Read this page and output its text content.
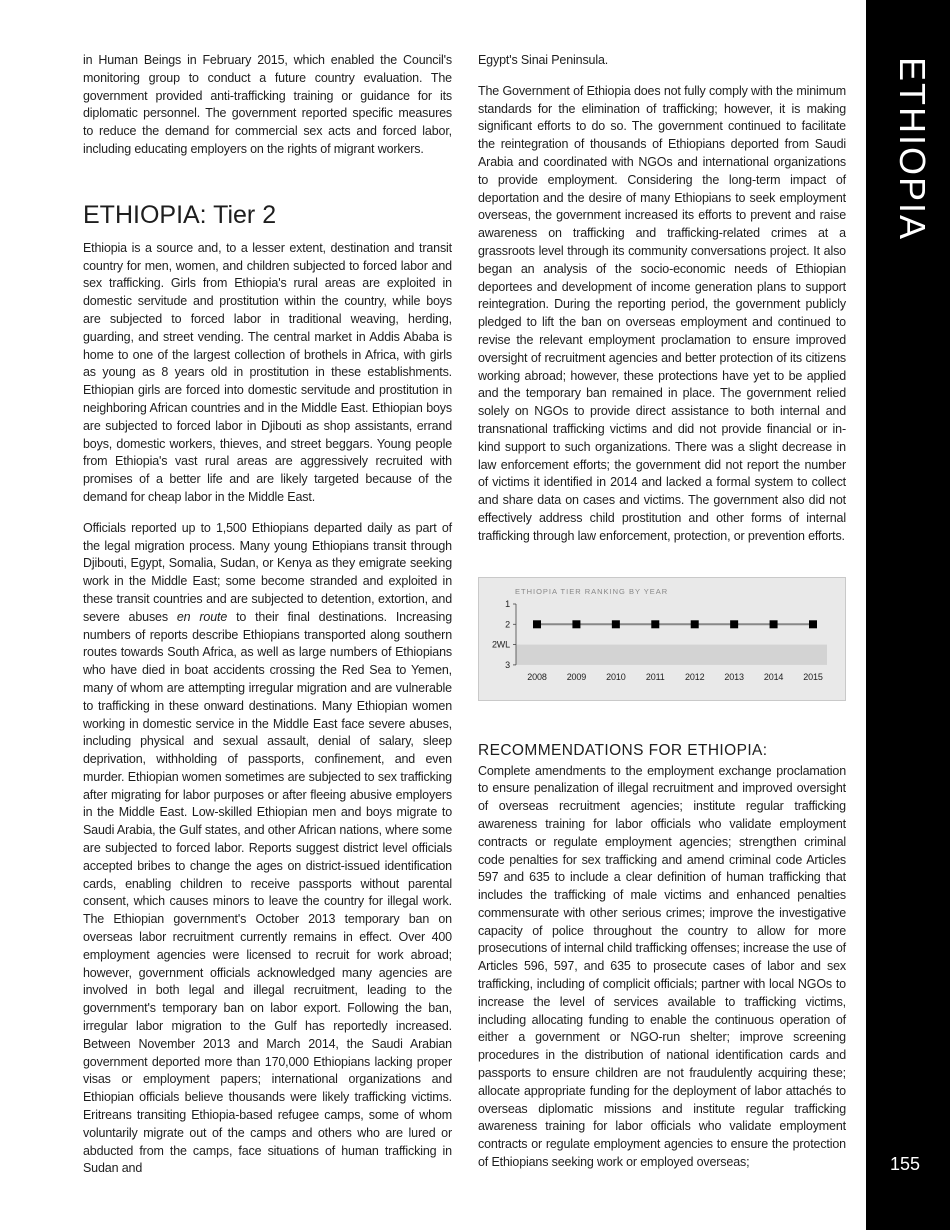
in Human Beings in February 2015, which enabled the Council's monitoring group to conduct a future country evaluation. The government provided anti-trafficking training or guidance for its diplomatic personnel. The government reported specific measures to reduce the demand for commercial sex acts and forced labor, including educating employers on the rights of migrant workers.

ETHIOPIA: Tier 2

Ethiopia is a source and, to a lesser extent, destination and transit country for men, women, and children subjected to forced labor and sex trafficking. Girls from Ethiopia's rural areas are exploited in domestic servitude and prostitution within the country, while boys are subjected to forced labor in traditional weaving, herding, guarding, and street vending. The central market in Addis Ababa is home to one of the largest collection of brothels in Africa, with girls as young as 8 years old in prostitution in these establishments. Ethiopian girls are forced into domestic servitude and prostitution in neighboring African countries and in the Middle East. Ethiopian boys are subjected to forced labor in Djibouti as shop assistants, errand boys, domestic workers, thieves, and street beggars. Young people from Ethiopia's vast rural areas are aggressively recruited with promises of a better life and are likely targeted because of the demand for cheap labor in the Middle East.

Officials reported up to 1,500 Ethiopians departed daily as part of the legal migration process. Many young Ethiopians transit through Djibouti, Egypt, Somalia, Sudan, or Kenya as they emigrate seeking work in the Middle East; some become stranded and exploited in these transit countries and are subjected to detention, extortion, and severe abuses en route to their final destinations. Increasing numbers of reports describe Ethiopians transported along southern routes towards South Africa, as well as large numbers of Ethiopians who have died in boat accidents crossing the Red Sea to Yemen, many of whom are attempting irregular migration and are vulnerable to trafficking in these onward destinations. Many Ethiopian women working in domestic service in the Middle East face severe abuses, including physical and sexual assault, denial of salary, sleep deprivation, withholding of passports, confinement, and even murder. Ethiopian women sometimes are subjected to sex trafficking after migrating for labor purposes or after fleeing abusive employers in the Middle East. Low-skilled Ethiopian men and boys migrate to Saudi Arabia, the Gulf states, and other African nations, where some are subjected to forced labor. Reports suggest district level officials accepted bribes to change the ages on district-issued identification cards, enabling children to receive passports without parental consent, which causes minors to leave the country for illegal work. The Ethiopian government's October 2013 temporary ban on overseas labor recruitment currently remains in effect. Over 400 employment agencies were licensed to recruit for work abroad; however, government officials acknowledged many agencies are involved in both legal and illegal recruitment, leading to the government's temporary ban on labor export. Following the ban, irregular labor migration to the Gulf has reportedly increased. Between November 2013 and March 2014, the Saudi Arabian government deported more than 170,000 Ethiopians lacking proper visas or employment papers; international organizations and Ethiopian officials believe thousands were likely trafficking victims. Eritreans transiting Ethiopia-based refugee camps, some of whom voluntarily migrate out of the camps and others who are lured or abducted from the camps, face situations of human trafficking in Sudan and

Egypt's Sinai Peninsula.

The Government of Ethiopia does not fully comply with the minimum standards for the elimination of trafficking; however, it is making significant efforts to do so. The government continued to facilitate the reintegration of thousands of Ethiopians deported from Saudi Arabia and coordinated with NGOs and international organizations to provide employment. Considering the long-term impact of deportation and the desire of many Ethiopians to seek employment overseas, the government increased its efforts to prevent and raise awareness on trafficking and trafficking-related crimes at a grassroots level through its community conversations project. It also began an analysis of the socio-economic needs of Ethiopian deportees and development of income generation plans to support reintegration. During the reporting period, the government publicly pledged to lift the ban on overseas employment and continued to revise the relevant employment proclamation to ensure improved oversight of recruitment agencies and better protection of its citizens working abroad; however, these protections have yet to be applied and the temporary ban remained in place. The government relied solely on NGOs to provide direct assistance to both internal and transnational trafficking victims and did not provide financial or in-kind support to such organizations. There was a slight decrease in law enforcement efforts; the government did not report the number of victims it identified in 2014 and lacked a formal system to collect and share data on cases and victims. The government also did not effectively address child prostitution and other forms of internal trafficking through law enforcement, protection, or prevention efforts.

ETHIOPIA TIER RANKING BY YEAR
1
2
2WL
3
2008 2009 2010 2011 2012 2013 2014 2015
RECOMMENDATIONS FOR ETHIOPIA:

Complete amendments to the employment exchange proclamation to ensure penalization of illegal recruitment and improved oversight of overseas recruitment agencies; institute regular trafficking awareness training for labor officials who validate employment contracts or regulate employment agencies; strengthen criminal code penalties for sex trafficking and amend criminal code Articles 597 and 635 to include a clear definition of human trafficking that includes the trafficking of male victims and enhanced penalties commensurate with other serious crimes; improve the investigative capacity of police throughout the country to allow for more prosecutions of internal child trafficking offenses; increase the use of Articles 596, 597, and 635 to prosecute cases of labor and sex trafficking, including of complicit officials; partner with local NGOs to increase the level of services available to trafficking victims, including allocating funding to enable the continuous operation of either a government or NGO-run shelter; improve screening procedures in the distribution of national identification cards and passports to ensure children are not fraudulently acquiring these; allocate appropriate funding for the deployment of labor attachés to overseas diplomatic missions and institute regular trafficking awareness training for labor officials who validate employment contracts or regulate employment agencies to ensure the protection of Ethiopians seeking work or employed overseas;

ETHIOPIA
155
